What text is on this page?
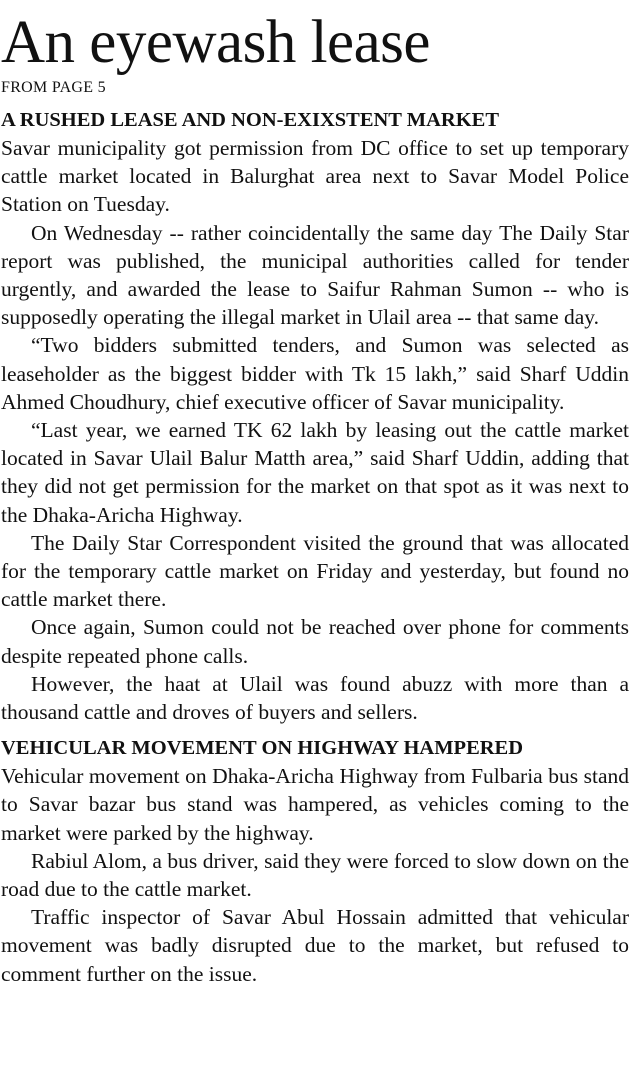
An eyewash lease
FROM PAGE 5
A RUSHED LEASE AND NON-EXIXSTENT MARKET

Savar municipality got permission from DC office to set up temporary cattle market located in Balurghat area next to Savar Model Police Station on Tuesday.

On Wednesday -- rather coincidentally the same day The Daily Star report was published, the municipal authorities called for tender urgently, and awarded the lease to Saifur Rahman Sumon -- who is supposedly operating the illegal market in Ulail area -- that same day.

“Two bidders submitted tenders, and Sumon was selected as leaseholder as the biggest bidder with Tk 15 lakh,” said Sharf Uddin Ahmed Choudhury, chief executive officer of Savar municipality.

“Last year, we earned TK 62 lakh by leasing out the cattle market located in Savar Ulail Balur Matth area,” said Sharf Uddin, adding that they did not get permission for the market on that spot as it was next to the Dhaka-Aricha Highway.

The Daily Star Correspondent visited the ground that was allocated for the temporary cattle market on Friday and yesterday, but found no cattle market there.

Once again, Sumon could not be reached over phone for comments despite repeated phone calls.

However, the haat at Ulail was found abuzz with more than a thousand cattle and droves of buyers and sellers.

VEHICULAR MOVEMENT ON HIGHWAY HAMPERED

Vehicular movement on Dhaka-Aricha Highway from Fulbaria bus stand to Savar bazar bus stand was hampered, as vehicles coming to the market were parked by the highway.

Rabiul Alom, a bus driver, said they were forced to slow down on the road due to the cattle market.

Traffic inspector of Savar Abul Hossain admitted that vehicular movement was badly disrupted due to the market, but refused to comment further on the issue.
